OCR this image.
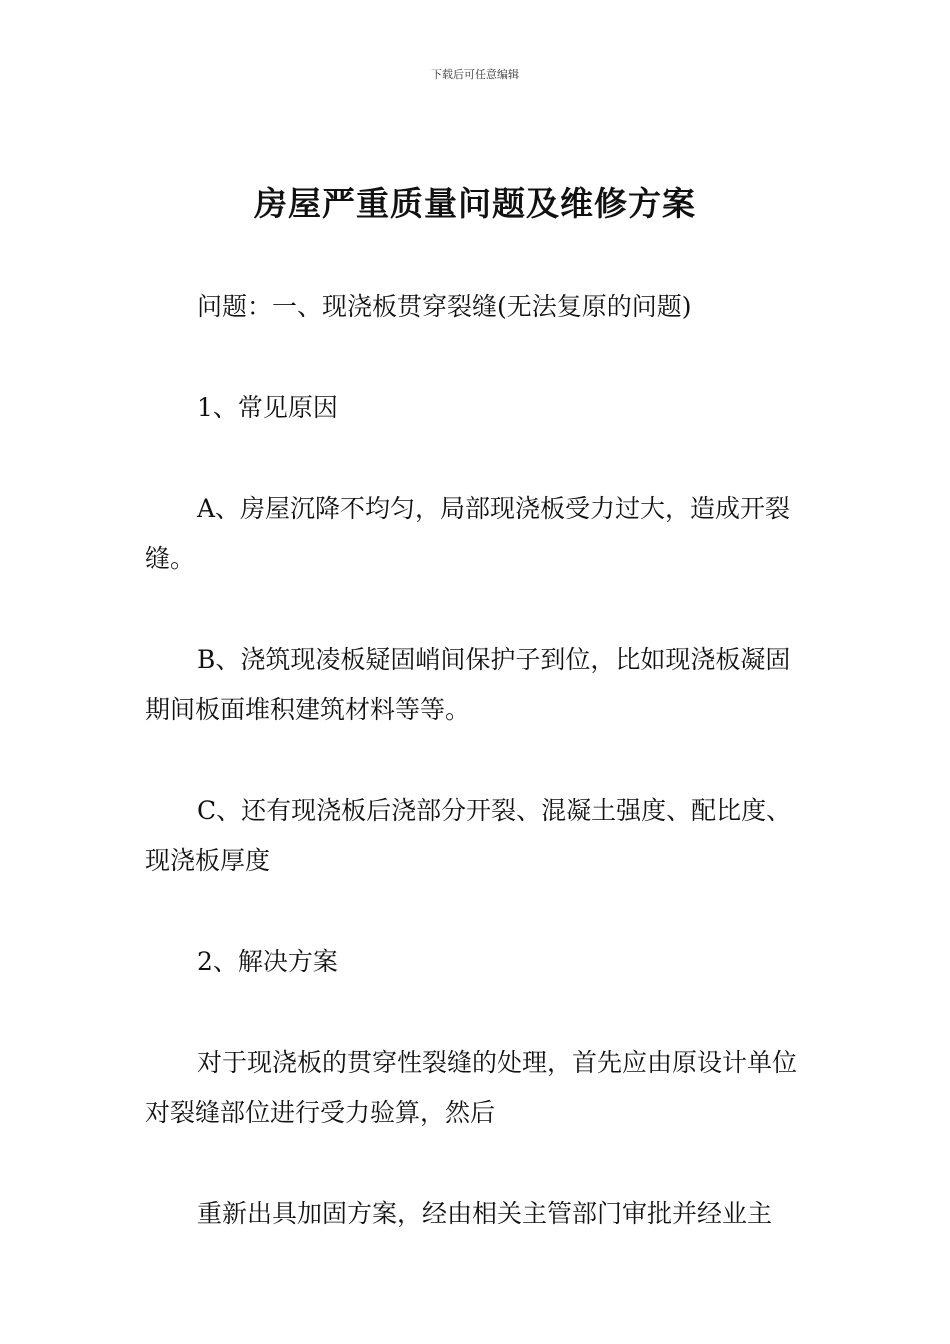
下载后可任意编辑
房屋严重质量问题及维修方案

问题：一、现浇板贯穿裂缝(无法复原的问题)

1、常见原因

A、房屋沉降不均匀，局部现浇板受力过大，造成开裂缝。

B、浇筑现凌板疑固峭间保护子到位，比如现浇板凝固期间板面堆积建筑材料等等。

C、还有现浇板后浇部分开裂、混凝土强度、配比度、现浇板厚度

2、解决方案

对于现浇板的贯穿性裂缝的处理，首先应由原设计单位对裂缝部位进行受力验算，然后

重新出具加固方案，经由相关主管部门审批并经业主
